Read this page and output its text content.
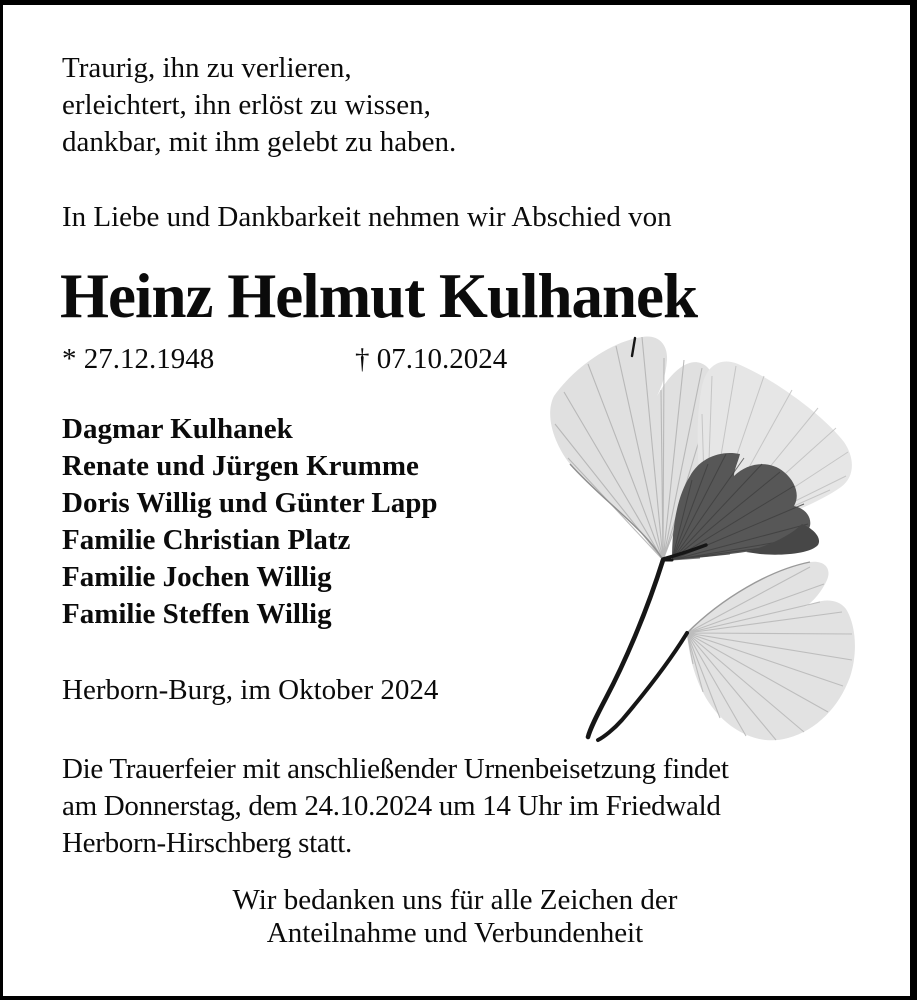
Traurig, ihn zu verlieren,
erleichtert, ihn erlöst zu wissen,
dankbar, mit ihm gelebt zu haben.
In Liebe und Dankbarkeit nehmen wir Abschied von
Heinz Helmut Kulhanek
* 27.12.1948	† 07.10.2024
Dagmar Kulhanek
Renate und Jürgen Krumme
Doris Willig und Günter Lapp
Familie Christian Platz
Familie Jochen Willig
Familie Steffen Willig
Herborn-Burg, im Oktober 2024
Die Trauerfeier mit anschließender Urnenbeisetzung findet
am Donnerstag, dem 24.10.2024 um 14 Uhr im Friedwald
Herborn-Hirschberg statt.
Wir bedanken uns für alle Zeichen der
Anteilnahme und Verbundenheit
